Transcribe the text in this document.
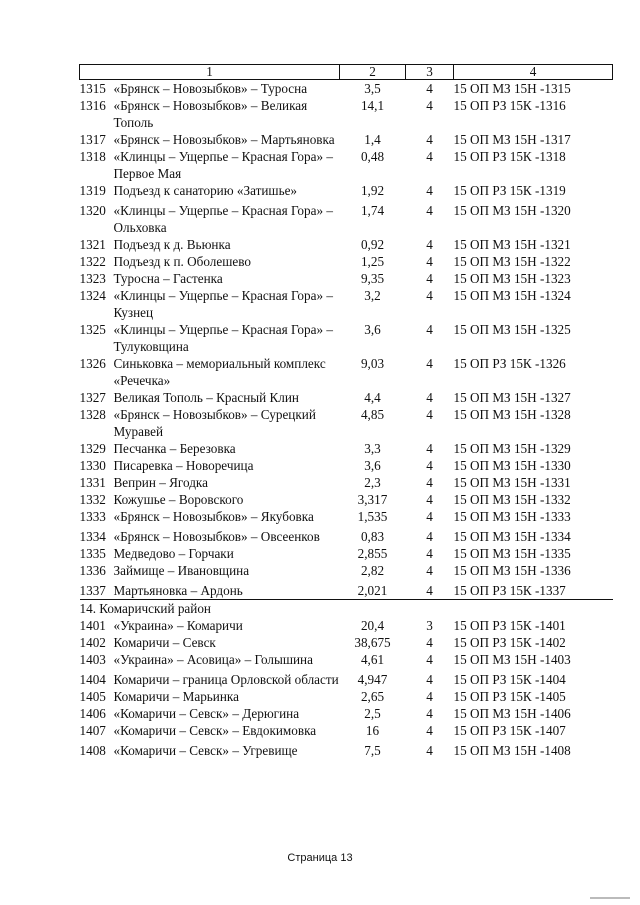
1	2	3	4

1315 «Брянск – Новозыбков» – Туросна	3,5	4	15 ОП МЗ 15Н -1315

1316 «Брянск – Новозыбков» – Великая Тополь	14,1	4	15 ОП РЗ 15К -1316

1317 «Брянск – Новозыбков» – Мартьяновка	1,4	4	15 ОП МЗ 15Н -1317

1318 «Клинцы – Ущерпье – Красная Гора» – Первое Мая	0,48	4	15 ОП РЗ 15К -1318

1319 Подъезд к санаторию «Затишье»	1,92	4	15 ОП РЗ 15К -1319

1320 «Клинцы – Ущерпье – Красная Гора» – Ольховка	1,74	4	15 ОП МЗ 15Н -1320

1321 Подъезд к д. Вьюнка	0,92	4	15 ОП МЗ 15Н -1321

1322 Подъезд к п. Оболешево	1,25	4	15 ОП МЗ 15Н -1322

1323 Туросна – Гастенка	9,35	4	15 ОП МЗ 15Н -1323

1324 «Клинцы – Ущерпье – Красная Гора» – Кузнец	3,2	4	15 ОП МЗ 15Н -1324

1325 «Клинцы – Ущерпье – Красная Гора» – Тулуковщина	3,6	4	15 ОП МЗ 15Н -1325

1326 Синьковка – мемориальный комплекс «Речечка»	9,03	4	15 ОП РЗ 15К -1326

1327 Великая Тополь – Красный Клин	4,4	4	15 ОП МЗ 15Н -1327

1328 «Брянск – Новозыбков» – Сурецкий Муравей	4,85	4	15 ОП МЗ 15Н -1328

1329 Песчанка – Березовка	3,3	4	15 ОП МЗ 15Н -1329

1330 Писаревка – Новоречица	3,6	4	15 ОП МЗ 15Н -1330

1331 Веприн – Ягодка	2,3	4	15 ОП МЗ 15Н -1331

1332 Кожушье – Воровского	3,317	4	15 ОП МЗ 15Н -1332

1333 «Брянск – Новозыбков» – Якубовка	1,535	4	15 ОП МЗ 15Н -1333

1334 «Брянск – Новозыбков» – Овсеенков	0,83	4	15 ОП МЗ 15Н -1334

1335 Медведово – Горчаки	2,855	4	15 ОП МЗ 15Н -1335

1336 Займище – Ивановщина	2,82	4	15 ОП МЗ 15Н -1336

1337 Мартьяновка – Ардонь	2,021	4	15 ОП РЗ 15К -1337
14. Комаричский район			

1401 «Украина» – Комаричи	20,4	3	15 ОП РЗ 15К -1401

1402 Комаричи – Севск	38,675	4	15 ОП РЗ 15К -1402

1403 «Украина» – Асовица» – Голышина	4,61	4	15 ОП МЗ 15Н -1403

1404 Комаричи – граница Орловской области	4,947	4	15 ОП РЗ 15К -1404

1405 Комаричи – Марьинка	2,65	4	15 ОП РЗ 15К -1405

1406 «Комаричи – Севск» – Дерюгина	2,5	4	15 ОП МЗ 15Н -1406

1407 «Комаричи – Севск» – Евдокимовка	16	4	15 ОП РЗ 15К -1407

1408 «Комаричи – Севск» – Угревище	7,5	4	15 ОП МЗ 15Н -1408
Страница 13
